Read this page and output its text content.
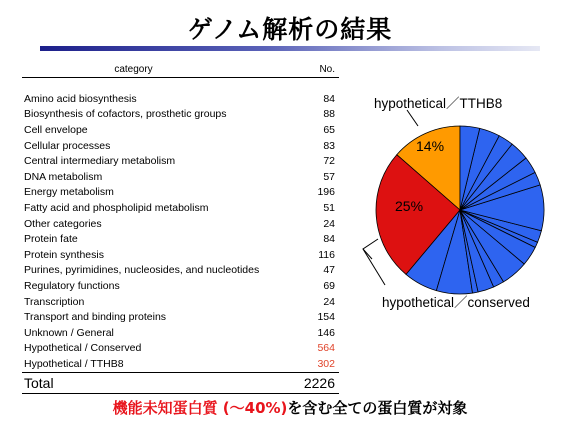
ゲノム解析の結果
category	No.

Amino acid biosynthesis	84
Biosynthesis of cofactors, prosthetic groups	88
Cell envelope	65
Cellular processes	83
Central intermediary metabolism	72
DNA metabolism	57
Energy metabolism	196
Fatty acid and phospholipid metabolism	51
Other categories	24
Protein fate	84
Protein synthesis	116
Purines, pyrimidines, nucleosides, and nucleotides	47
Regulatory functions	69
Transcription	24
Transport and binding proteins	154
Unknown / General	146
Hypothetical / Conserved	564
Hypothetical / TTHB8	302
Total	2226
14%
25%
hypothetical／TTHB8
hypothetical／conserved
機能未知蛋白質 (〜40%)を含む全ての蛋白質が対象
